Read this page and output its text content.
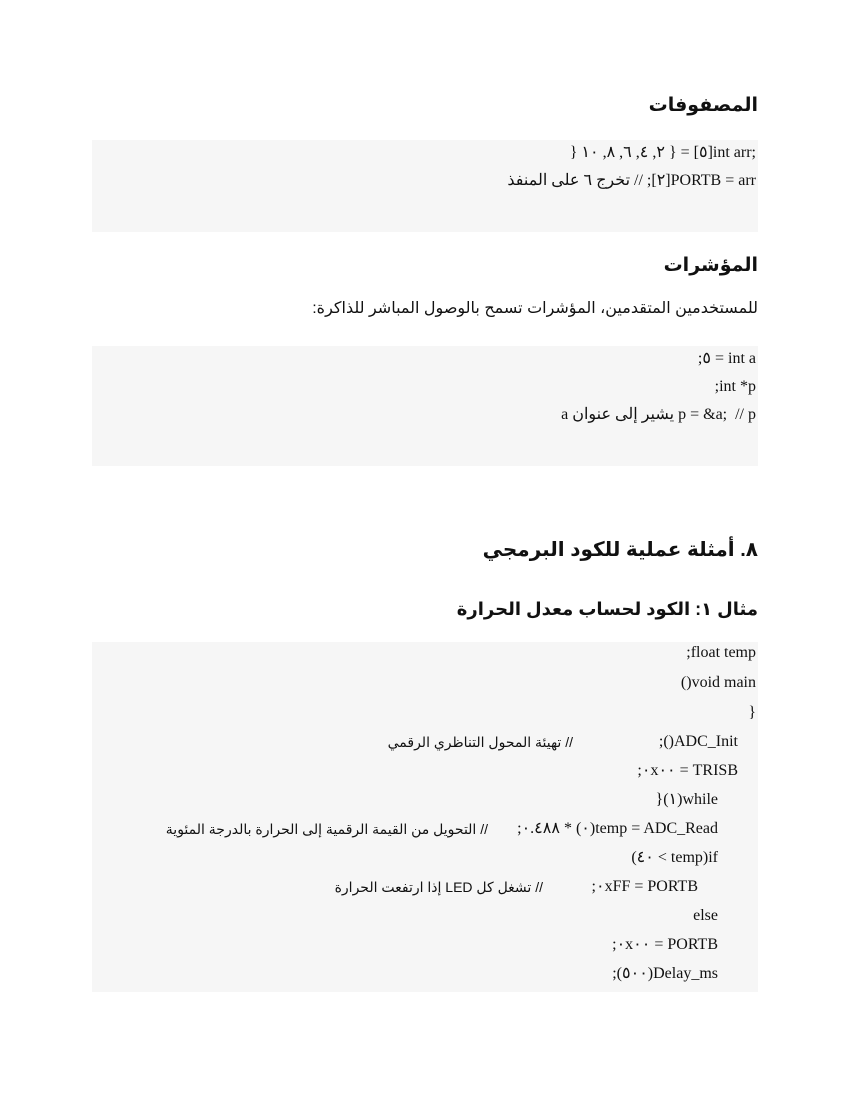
المصفوفات
} ١٠ ,٨ ,٦ ,٤ ,٢ } = [٥]int arr;
PORTB = arr[٢]; // تخرج ٦ على المنفذ
المؤشرات
للمستخدمين المتقدمين، المؤشرات تسمح بالوصول المباشر للذاكرة:
int a = ٥;
int *p;
p = &a;  // p يشير إلى عنوان a
٨. أمثلة عملية للكود البرمجي
مثال ١: الكود لحساب معدل الحرارة
float temp;
void main()
{
ADC_Init();
// تهيئة المحول التناظري الرقمي
TRISB = ٠x٠٠;
while(١){
temp = ADC_Read(٠) * ٠.٤٨٨;
// التحويل من القيمة الرقمية إلى الحرارة بالدرجة المئوية
if(temp > ٤٠)
PORTB = ٠xFF;
// تشغل كل LED إذا ارتفعت الحرارة
else
PORTB = ٠x٠٠;
Delay_ms(٥٠٠);
